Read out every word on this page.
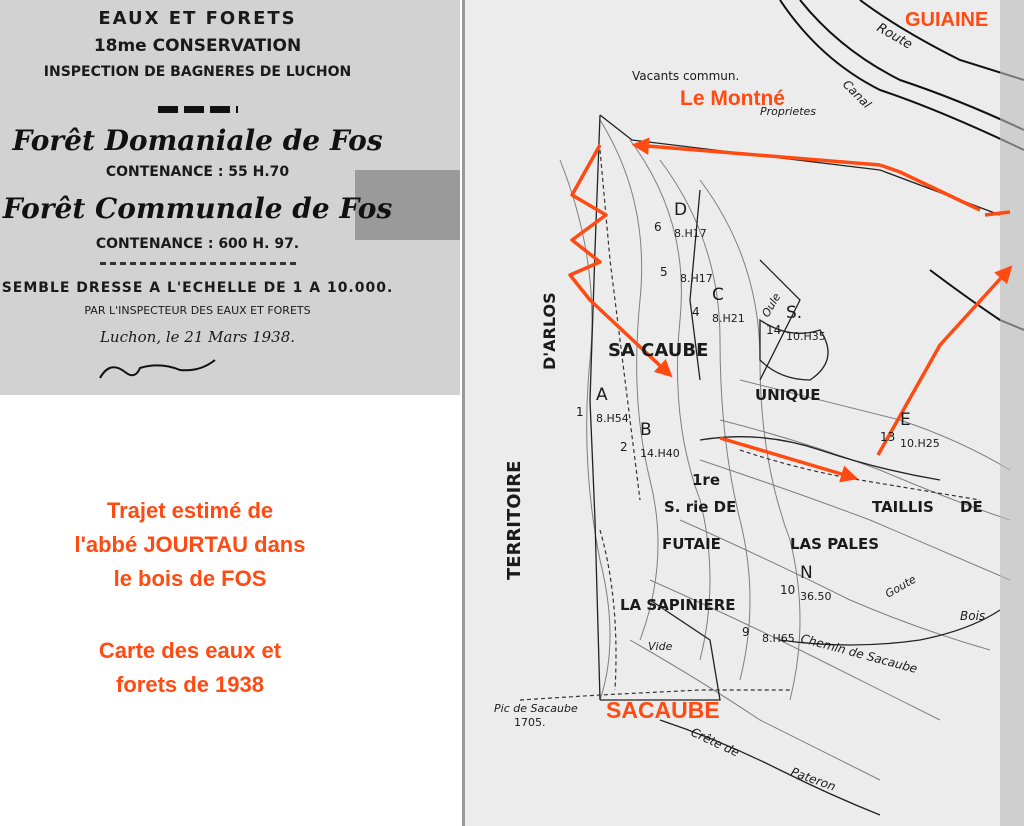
Vacants commun.
Proprietes
Route
Canal
TERRITOIRE
D'ARLOS	SA CAUBE
UNIQUE
1re
S. rie DE	TAILLIS DE
FUTAIE	LAS PALES
LA SAPINIERE
Vide	Chemin de Sacaube
Pic de Sacaube
1705.
Crête de
Pateron
Bois
Oule
Goute
D
6 8.H17
5 8.H17
C
4 8.H21 S.
14 10.H35
A
1 8.H54
B
2 14.H40
E
13 10.H25
N
10 36.50
9 8.H65
GUIAINE
Le Montné
SACAUBE
EAUX ET FORETS
18me CONSERVATION
INSPECTION DE BAGNERES DE LUCHON
Forêt Domaniale de Fos
CONTENANCE : 55 H.70
Forêt Communale de Fos
CONTENANCE : 600 H. 97.
SEMBLE DRESSE A L'ECHELLE DE 1 A 10.000.
PAR L'INSPECTEUR DES EAUX ET FORETS
Luchon, le 21 Mars 1938.
Trajet estimé de
l'abbé JOURTAU dans
le bois de FOS
Carte des eaux et
forets de 1938
